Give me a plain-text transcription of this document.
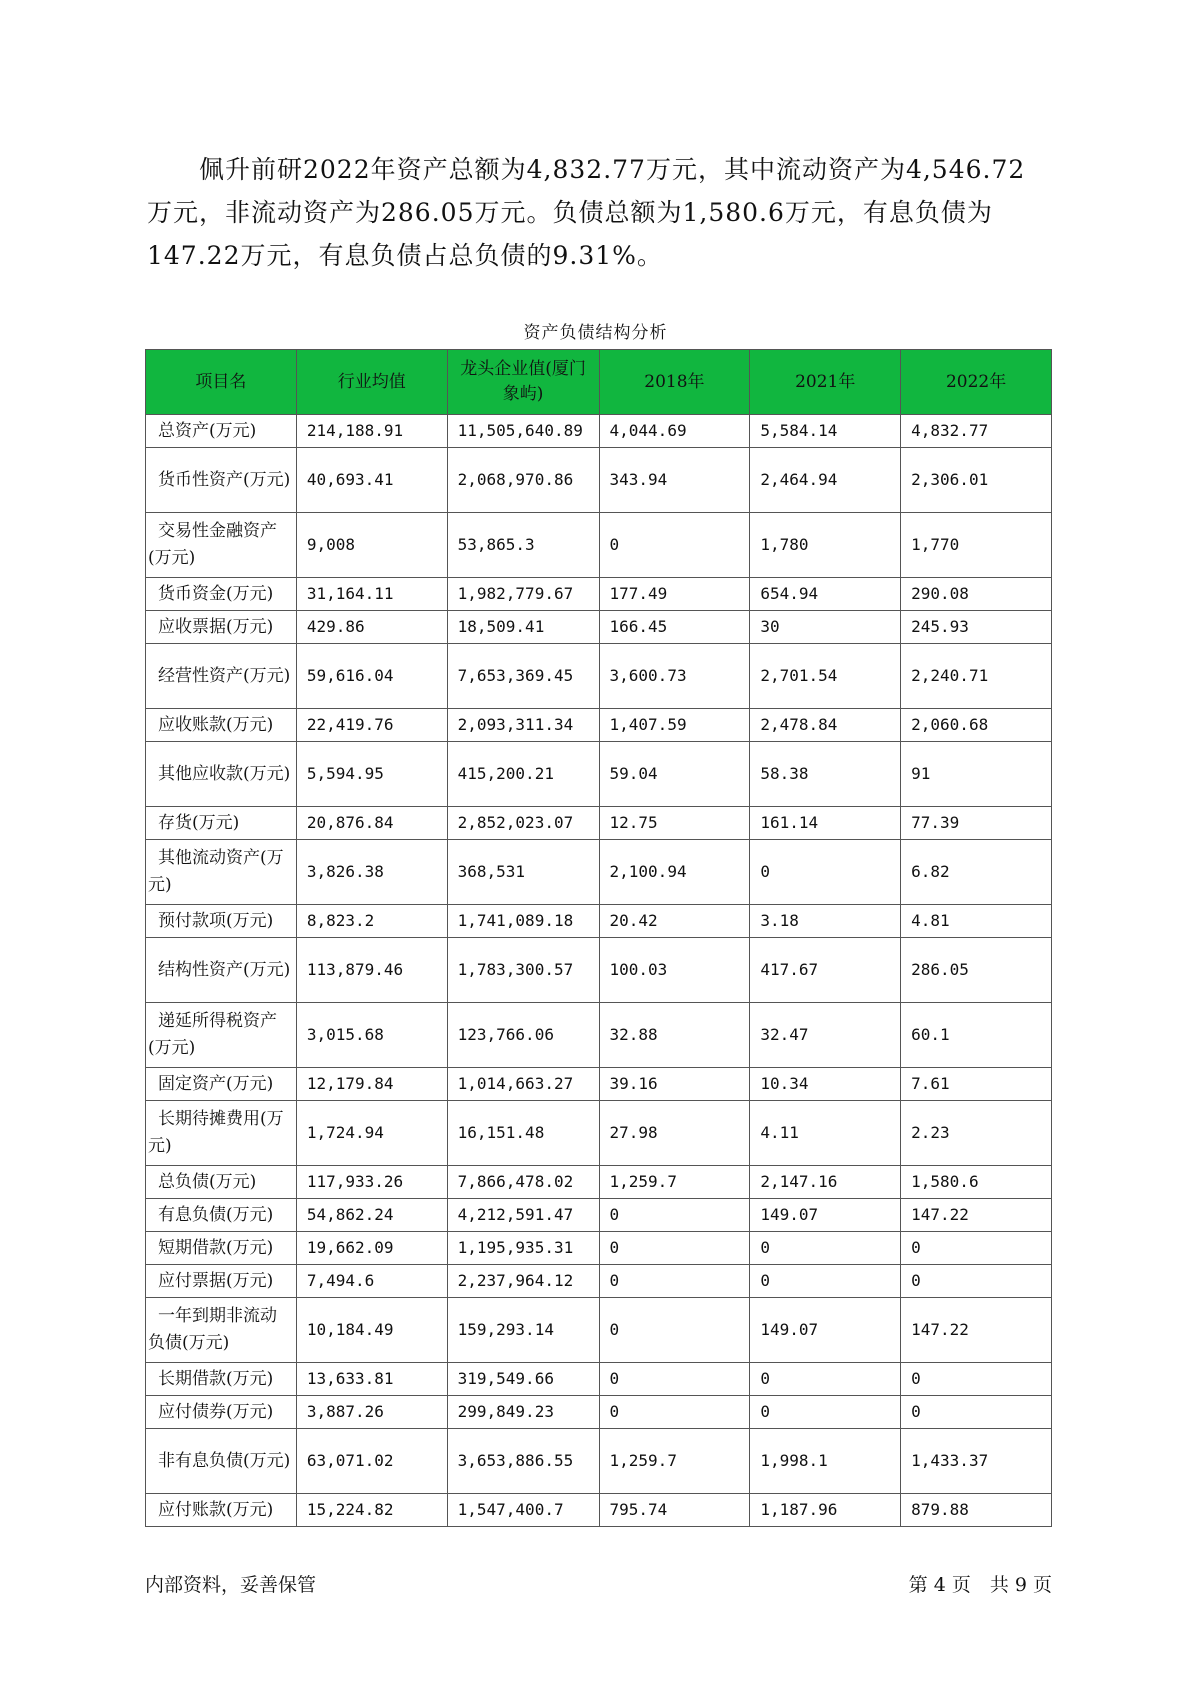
佩升前研2022年资产总额为4,832.77万元，其中流动资产为4,546.72万元，非流动资产为286.05万元。负债总额为1,580.6万元，有息负债为147.22万元，有息负债占总负债的9.31%。

资产负债结构分析
项目名	行业均值	龙头企业值(厦门象屿)	2018年	2021年	2022年
总资产(万元)	214,188.91	11,505,640.89	4,044.69	5,584.14	4,832.77
货币性资产(万元)	40,693.41	2,068,970.86	343.94	2,464.94	2,306.01
交易性金融资产(万元)	9,008	53,865.3	0	1,780	1,770
货币资金(万元)	31,164.11	1,982,779.67	177.49	654.94	290.08
应收票据(万元)	429.86	18,509.41	166.45	30	245.93
经营性资产(万元)	59,616.04	7,653,369.45	3,600.73	2,701.54	2,240.71
应收账款(万元)	22,419.76	2,093,311.34	1,407.59	2,478.84	2,060.68
其他应收款(万元)	5,594.95	415,200.21	59.04	58.38	91
存货(万元)	20,876.84	2,852,023.07	12.75	161.14	77.39
其他流动资产(万元)	3,826.38	368,531	2,100.94	0	6.82
预付款项(万元)	8,823.2	1,741,089.18	20.42	3.18	4.81
结构性资产(万元)	113,879.46	1,783,300.57	100.03	417.67	286.05
递延所得税资产(万元)	3,015.68	123,766.06	32.88	32.47	60.1
固定资产(万元)	12,179.84	1,014,663.27	39.16	10.34	7.61
长期待摊费用(万元)	1,724.94	16,151.48	27.98	4.11	2.23
总负债(万元)	117,933.26	7,866,478.02	1,259.7	2,147.16	1,580.6
有息负债(万元)	54,862.24	4,212,591.47	0	149.07	147.22
短期借款(万元)	19,662.09	1,195,935.31	0	0	0
应付票据(万元)	7,494.6	2,237,964.12	0	0	0
一年到期非流动负债(万元)	10,184.49	159,293.14	0	149.07	147.22
长期借款(万元)	13,633.81	319,549.66	0	0	0
应付债券(万元)	3,887.26	299,849.23	0	0	0
非有息负债(万元)	63,071.02	3,653,886.55	1,259.7	1,998.1	1,433.37
应付账款(万元)	15,224.82	1,547,400.7	795.74	1,187.96	879.88
内部资料，妥善保管	第 4 页　共 9 页
